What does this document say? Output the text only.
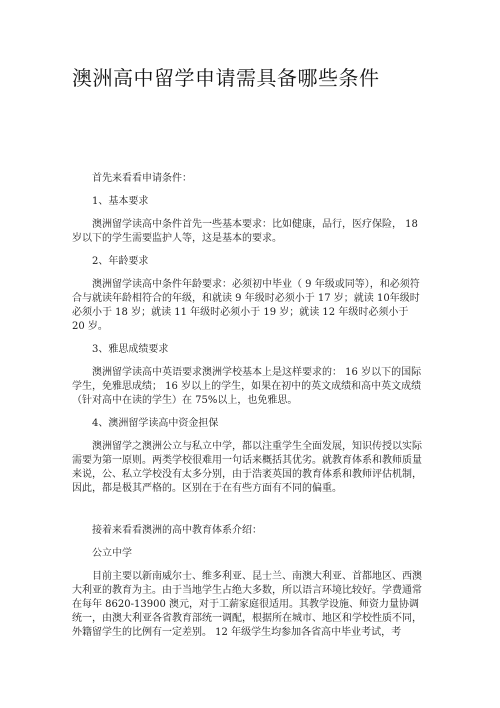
澳洲高中留学申请需具备哪些条件

首先来看看申请条件：

1、基本要求

澳洲留学读高中条件首先一些基本要求：比如健康，品行，医疗保险， 18 岁以下的学生需要监护人等，这是基本的要求。

2、年龄要求

澳洲留学读高中条件年龄要求：必须初中毕业（ 9 年级或同等），和必须符合与就读年龄相符合的年级，和就读 9 年级时必须小于 17 岁；就读 10年级时必须小于 18 岁；就读 11 年级时必须小于 19 岁；就读 12 年级时必须小于 20 岁。

3、雅思成绩要求

澳洲留学读高中英语要求澳洲学校基本上是这样要求的： 16 岁以下的国际学生，免雅思成绩； 16 岁以上的学生，如果在初中的英文成绩和高中英文成绩（针对高中在读的学生）在 75%以上，也免雅思。

4、澳洲留学读高中资金担保

澳洲留学之澳洲公立与私立中学，都以注重学生全面发展，知识传授以实际需要为第一原则。两类学校很难用一句话来概括其优劣。就教育体系和教师质量来说，公、私立学校没有太多分别，由于浩袤英国的教育体系和教师评估机制，因此，都是极其严格的。区别在于在有些方面有不同的偏重。

接着来看看澳洲的高中教育体系介绍：

公立中学

目前主要以新南威尔士、维多利亚、昆士兰、南澳大利亚、首都地区、西澳大利亚的教育为主。由于当地学生占绝大多数，所以语言环境比较好。学费通常在每年 8620-13900 澳元，对于工薪家庭很适用。其教学设施、师资力量协调统一，由澳大利亚各省教育部统一调配，根据所在城市、地区和学校性质不同，外籍留学生的比例有一定差别。 12 年级学生均参加各省高中毕业考试，考
